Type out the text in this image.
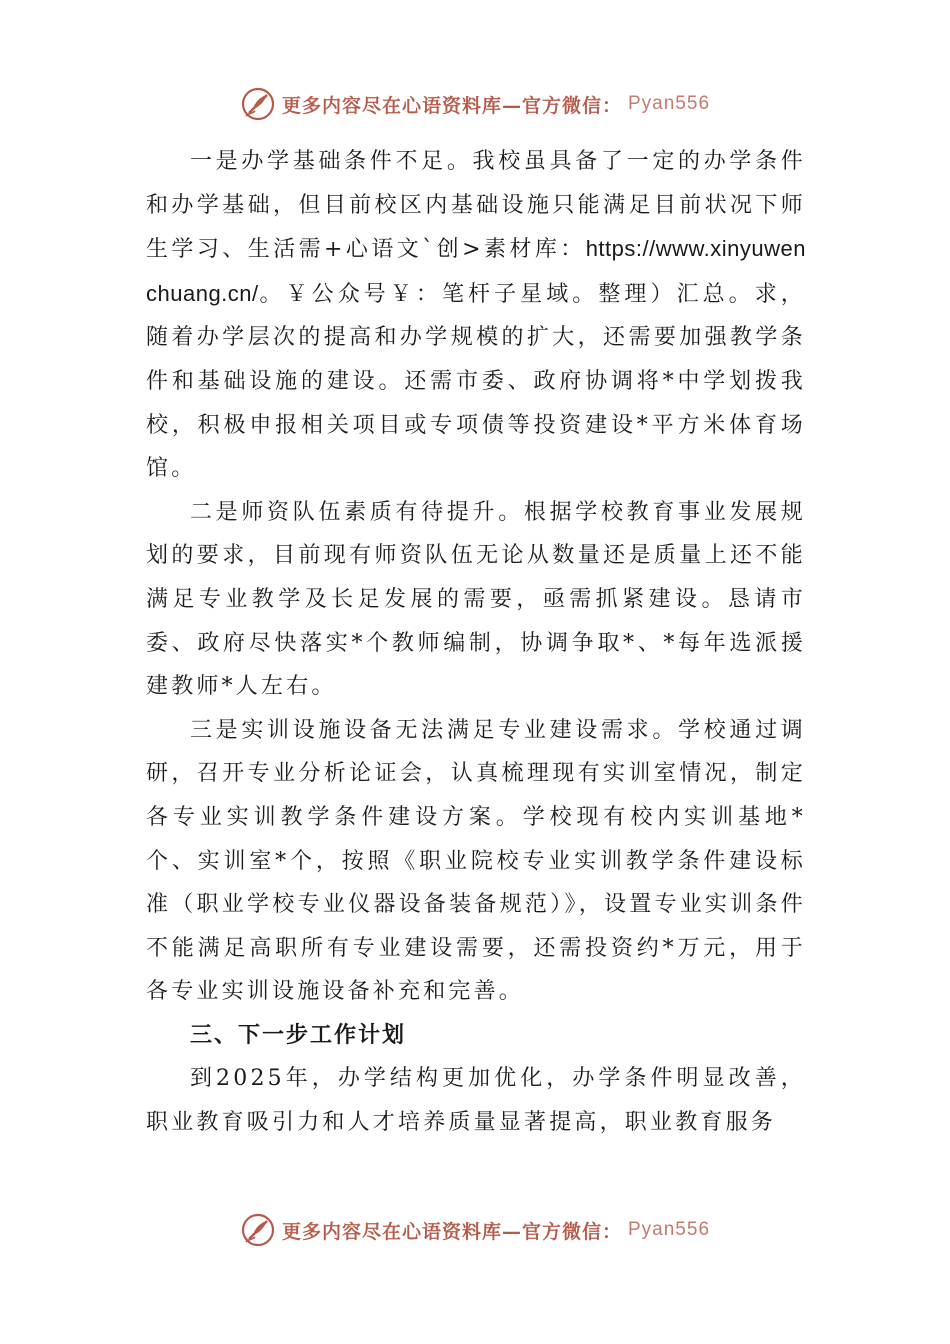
更多内容尽在心语资料库—官方微信： Pyan556

一是办学基础条件不足。我校虽具备了一定的办学条件和办学基础，但目前校区内基础设施只能满足目前状况下师生学习、生活需+心语文`创>素材库：https://www.xinyuwenchuang.cn/。￥公众号￥：笔杆子星域。整理）汇总。求，随着办学层次的提高和办学规模的扩大，还需要加强教学条件和基础设施的建设。还需市委、政府协调将*中学划拨我校，积极申报相关项目或专项债等投资建设*平方米体育场馆。

二是师资队伍素质有待提升。根据学校教育事业发展规划的要求，目前现有师资队伍无论从数量还是质量上还不能满足专业教学及长足发展的需要，亟需抓紧建设。恳请市委、政府尽快落实*个教师编制，协调争取*、*每年选派援建教师*人左右。

三是实训设施设备无法满足专业建设需求。学校通过调研，召开专业分析论证会，认真梳理现有实训室情况，制定各专业实训教学条件建设方案。学校现有校内实训基地*个、实训室*个，按照《职业院校专业实训教学条件建设标准（职业学校专业仪器设备装备规范）》，设置专业实训条件不能满足高职所有专业建设需要，还需投资约*万元，用于各专业实训设施设备补充和完善。

三、下一步工作计划

到2025年，办学结构更加优化，办学条件明显改善，职业教育吸引力和人才培养质量显著提高，职业教育服务

更多内容尽在心语资料库—官方微信： Pyan556
